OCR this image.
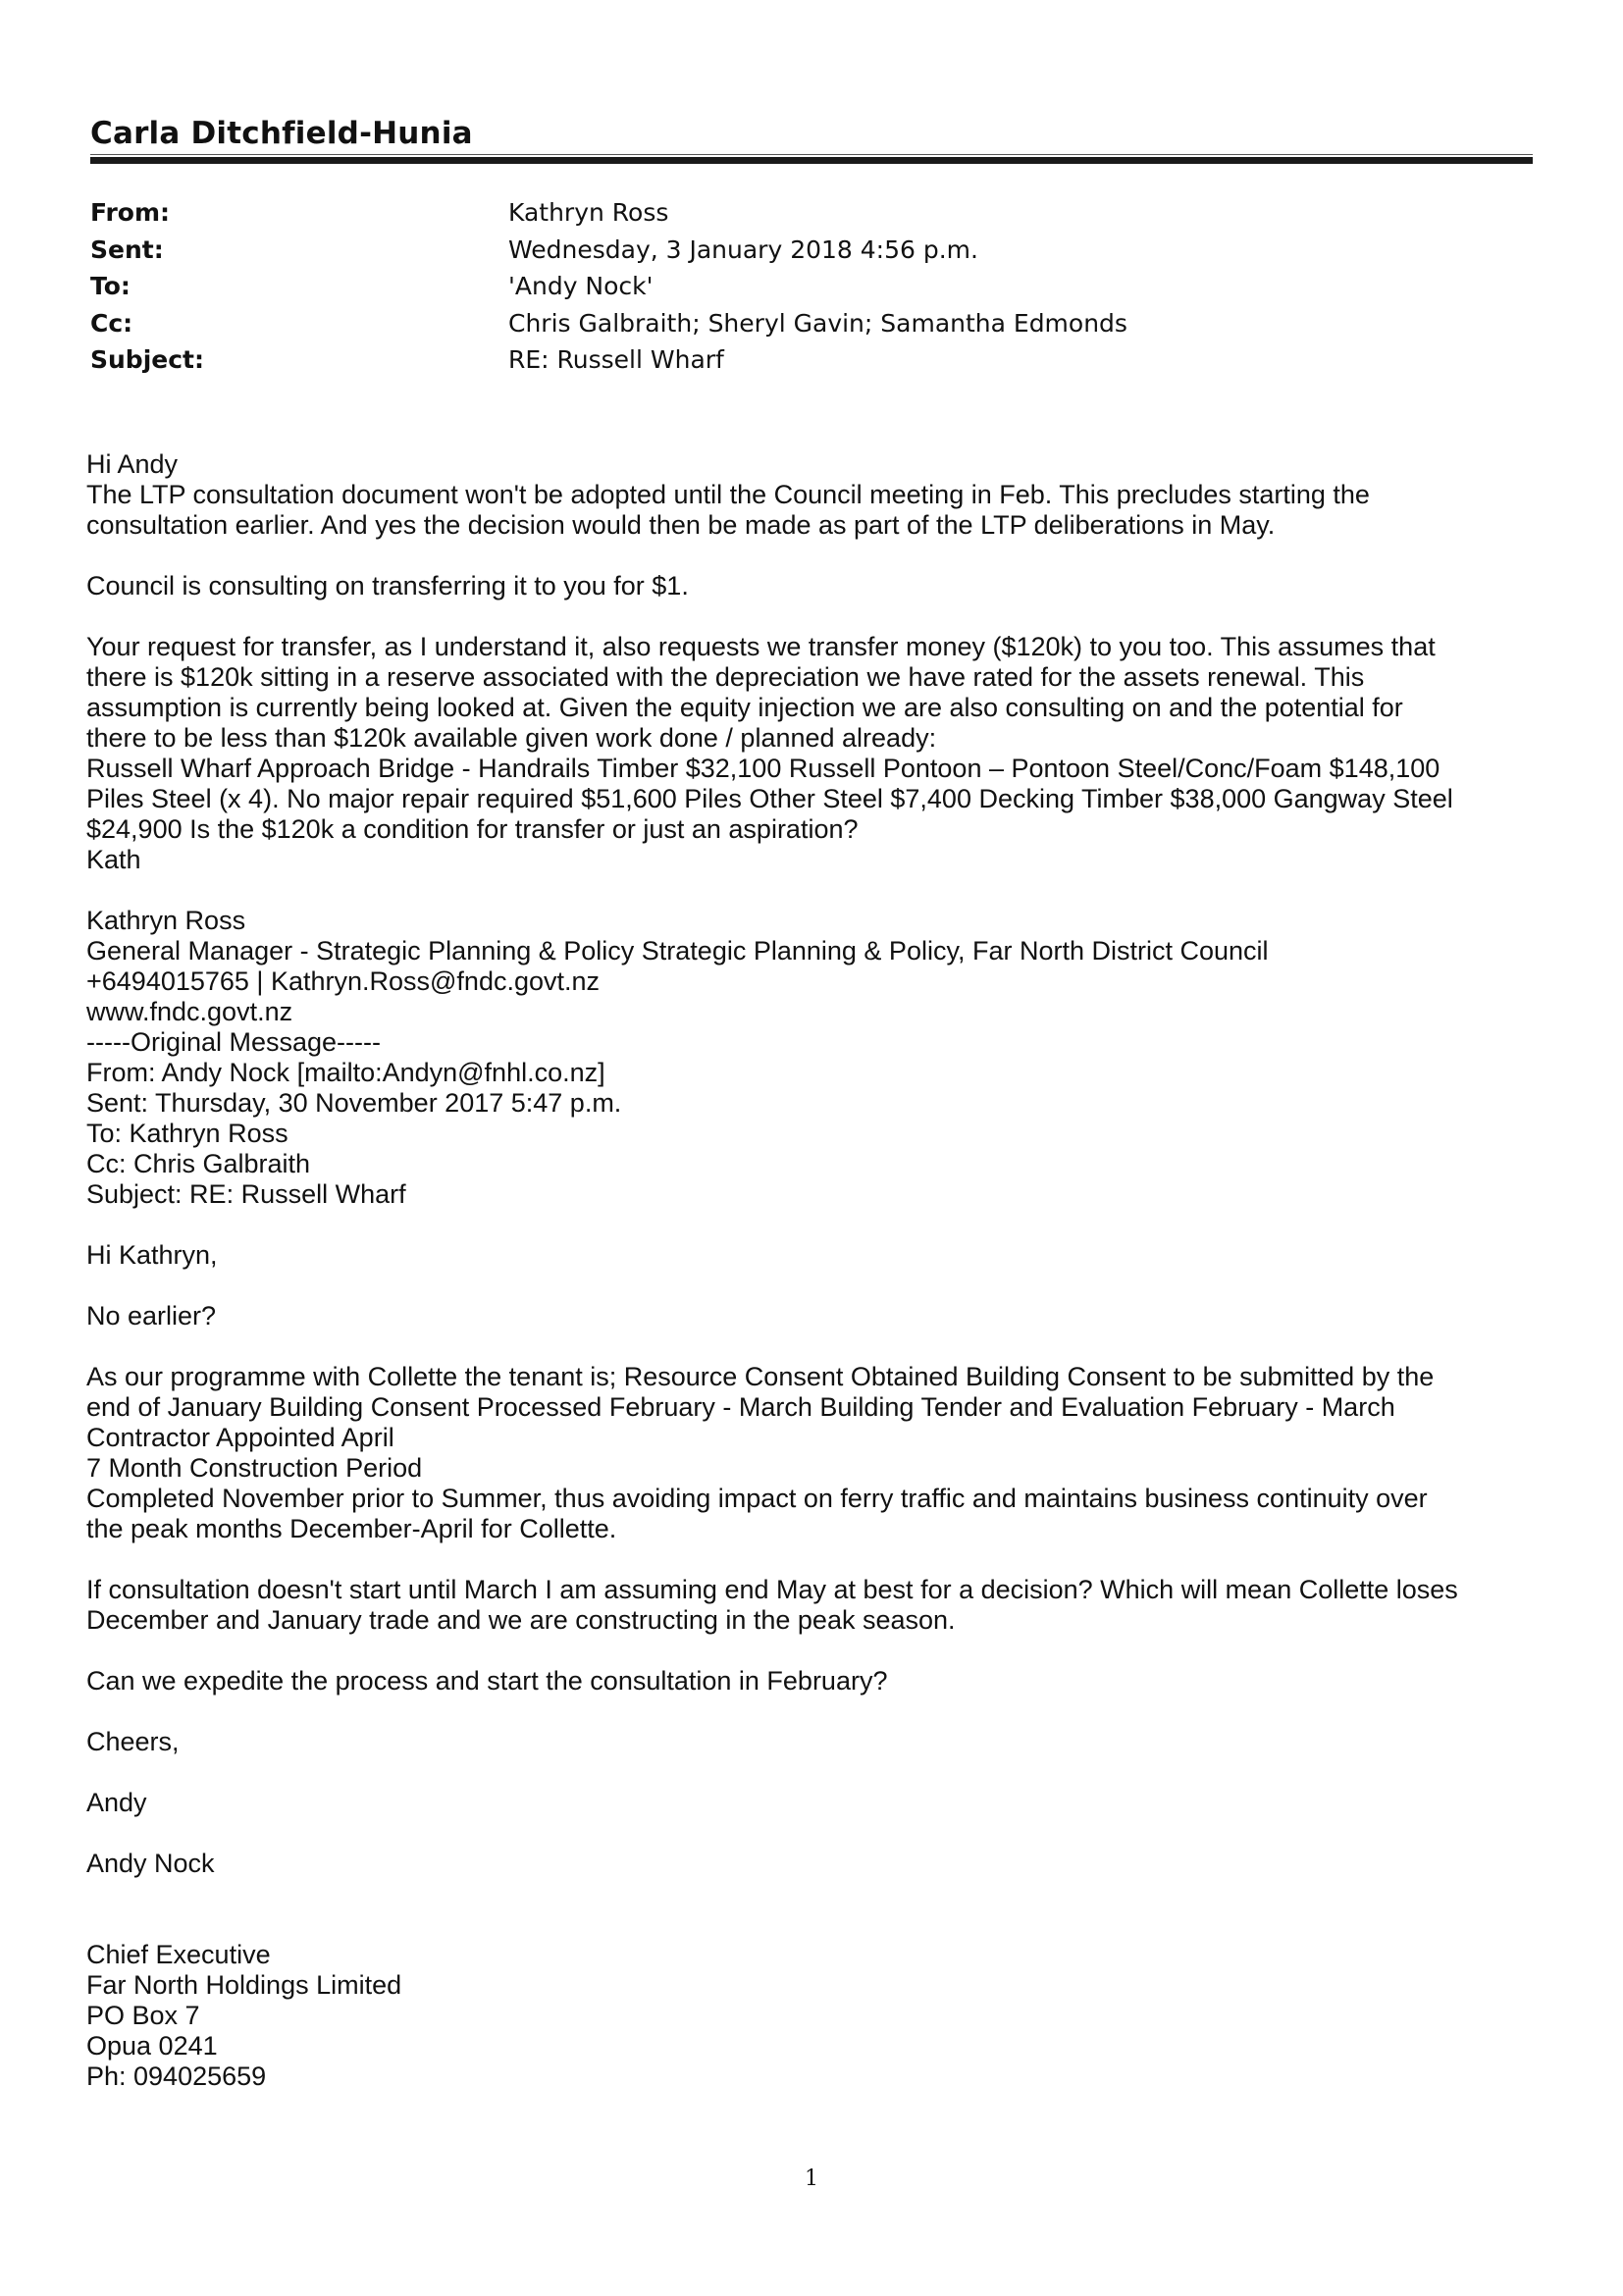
Carla Ditchfield-Hunia
From:	Kathryn Ross
Sent:	Wednesday, 3 January 2018 4:56 p.m.
To:	'Andy Nock'
Cc:	Chris Galbraith; Sheryl Gavin; Samantha Edmonds
Subject:	RE: Russell Wharf

Hi Andy

The LTP consultation document won't be adopted until the Council meeting in Feb. This precludes starting the

consultation earlier. And yes the decision would then be made as part of the LTP deliberations in May.

Council is consulting on transferring it to you for $1.

Your request for transfer, as I understand it, also requests we transfer money ($120k) to you too. This assumes that

there is $120k sitting in a reserve associated with the depreciation we have rated for the assets renewal. This

assumption is currently being looked at. Given the equity injection we are also consulting on and the potential for

there to be less than $120k available given work done / planned already:

Russell Wharf Approach Bridge - Handrails Timber $32,100 Russell Pontoon – Pontoon Steel/Conc/Foam $148,100

Piles Steel (x 4). No major repair required $51,600 Piles Other Steel $7,400 Decking Timber $38,000 Gangway Steel

$24,900 Is the $120k a condition for transfer or just an aspiration?

Kath

Kathryn Ross

General Manager - Strategic Planning & Policy Strategic Planning & Policy, Far North District Council

+6494015765 | Kathryn.Ross@fndc.govt.nz

www.fndc.govt.nz

-----Original Message-----

From: Andy Nock [mailto:Andyn@fnhl.co.nz]

Sent: Thursday, 30 November 2017 5:47 p.m.

To: Kathryn Ross

Cc: Chris Galbraith

Subject: RE: Russell Wharf

Hi Kathryn,

No earlier?

As our programme with Collette the tenant is; Resource Consent Obtained Building Consent to be submitted by the

end of January Building Consent Processed February - March Building Tender and Evaluation February - March

Contractor Appointed April

7 Month Construction Period

Completed November prior to Summer, thus avoiding impact on ferry traffic and maintains business continuity over

the peak months December-April for Collette.

If consultation doesn't start until March I am assuming end May at best for a decision? Which will mean Collette loses

December and January trade and we are constructing in the peak season.

Can we expedite the process and start the consultation in February?

Cheers,

Andy

Andy Nock

Chief Executive

Far North Holdings Limited

PO Box 7

Opua 0241

Ph: 094025659

1
